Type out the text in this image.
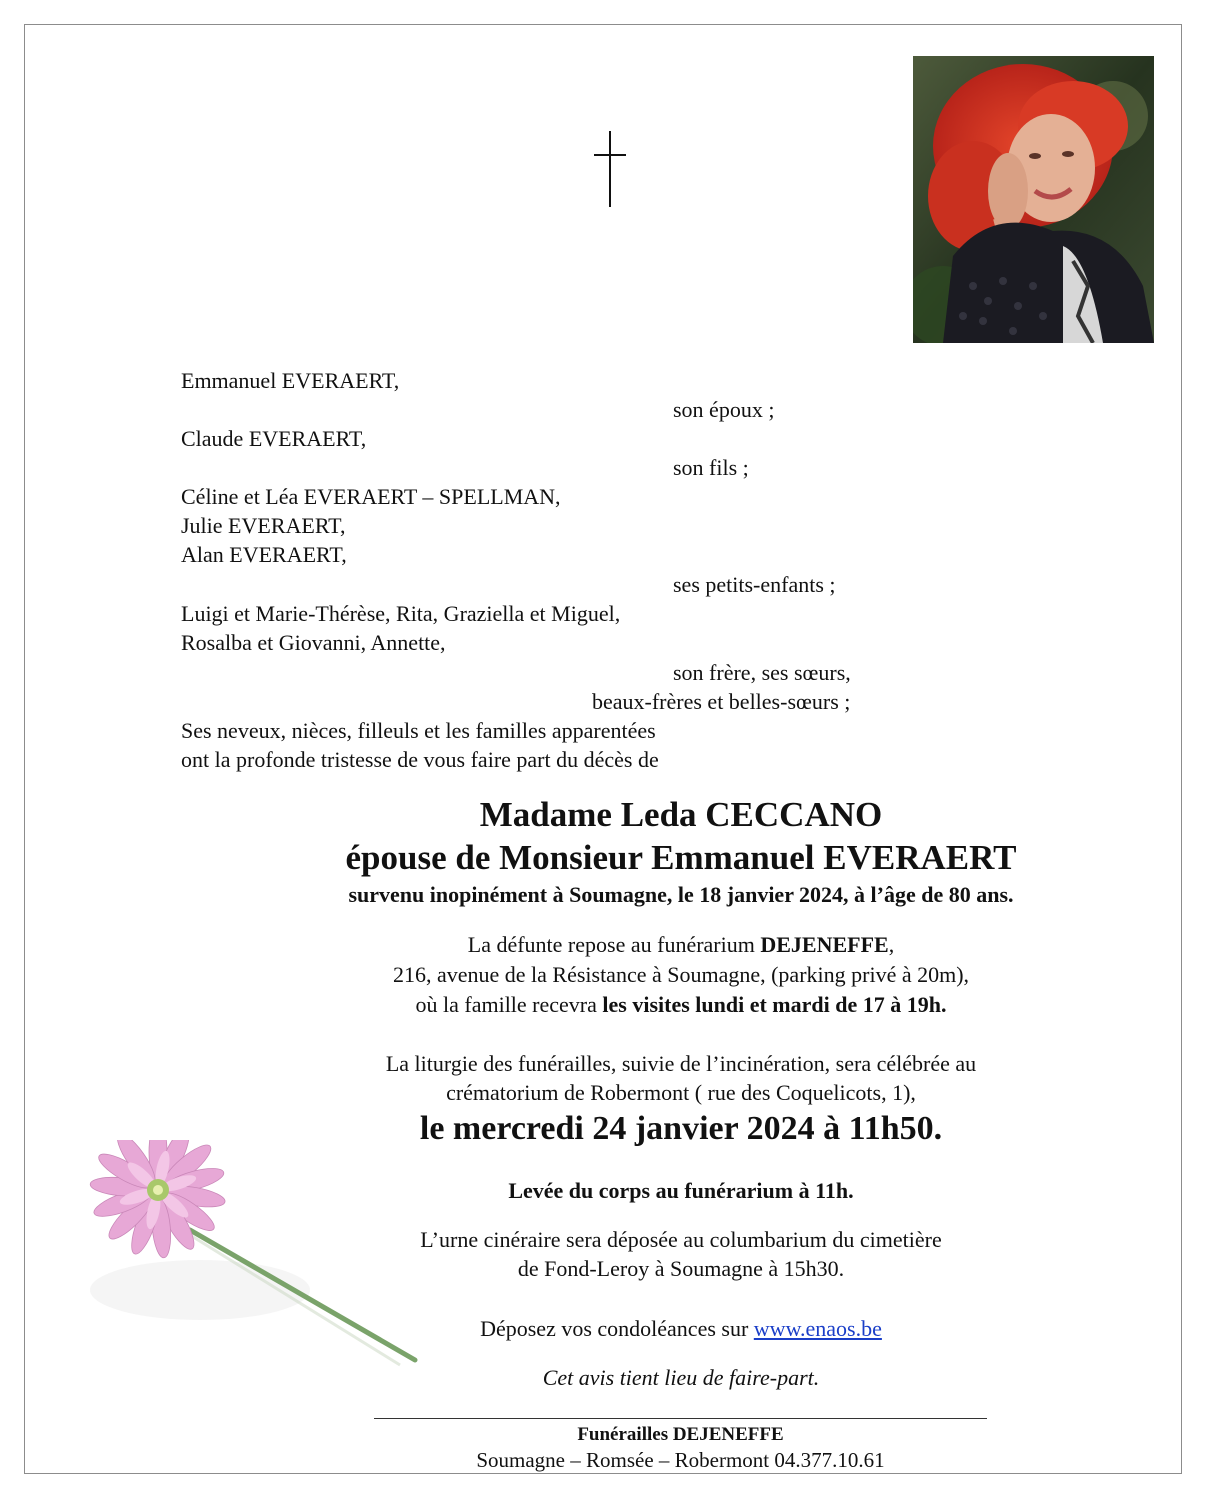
Emmanuel EVERAERT,
son époux ;
Claude EVERAERT,
son fils ;
Céline et Léa EVERAERT – SPELLMAN,
Julie EVERAERT,
Alan EVERAERT,
ses petits-enfants ;
Luigi et Marie-Thérèse, Rita, Graziella et Miguel,
Rosalba et Giovanni, Annette,
son frère, ses sœurs,
beaux-frères et belles-sœurs ;
Ses neveux, nièces, filleuls et les familles apparentées
ont la profonde tristesse de vous faire part du décès de
Madame Leda CECCANO
épouse de Monsieur Emmanuel EVERAERT
survenu inopinément à Soumagne, le 18 janvier 2024, à l’âge de 80 ans.
La défunte repose au funérarium DEJENEFFE,
216, avenue de la Résistance à Soumagne, (parking privé à 20m),
où la famille recevra les visites lundi et mardi de 17 à 19h.
La liturgie des funérailles, suivie de l’incinération, sera célébrée au
crématorium de Robermont ( rue des Coquelicots, 1),
le mercredi 24 janvier 2024 à 11h50.
Levée du corps au funérarium à 11h.
L’urne cinéraire sera déposée au columbarium du cimetière
de Fond-Leroy à Soumagne à 15h30.
Déposez vos condoléances sur www.enaos.be
Cet avis tient lieu de faire-part.
Funérailles DEJENEFFE
Soumagne – Romsée – Robermont 04.377.10.61
